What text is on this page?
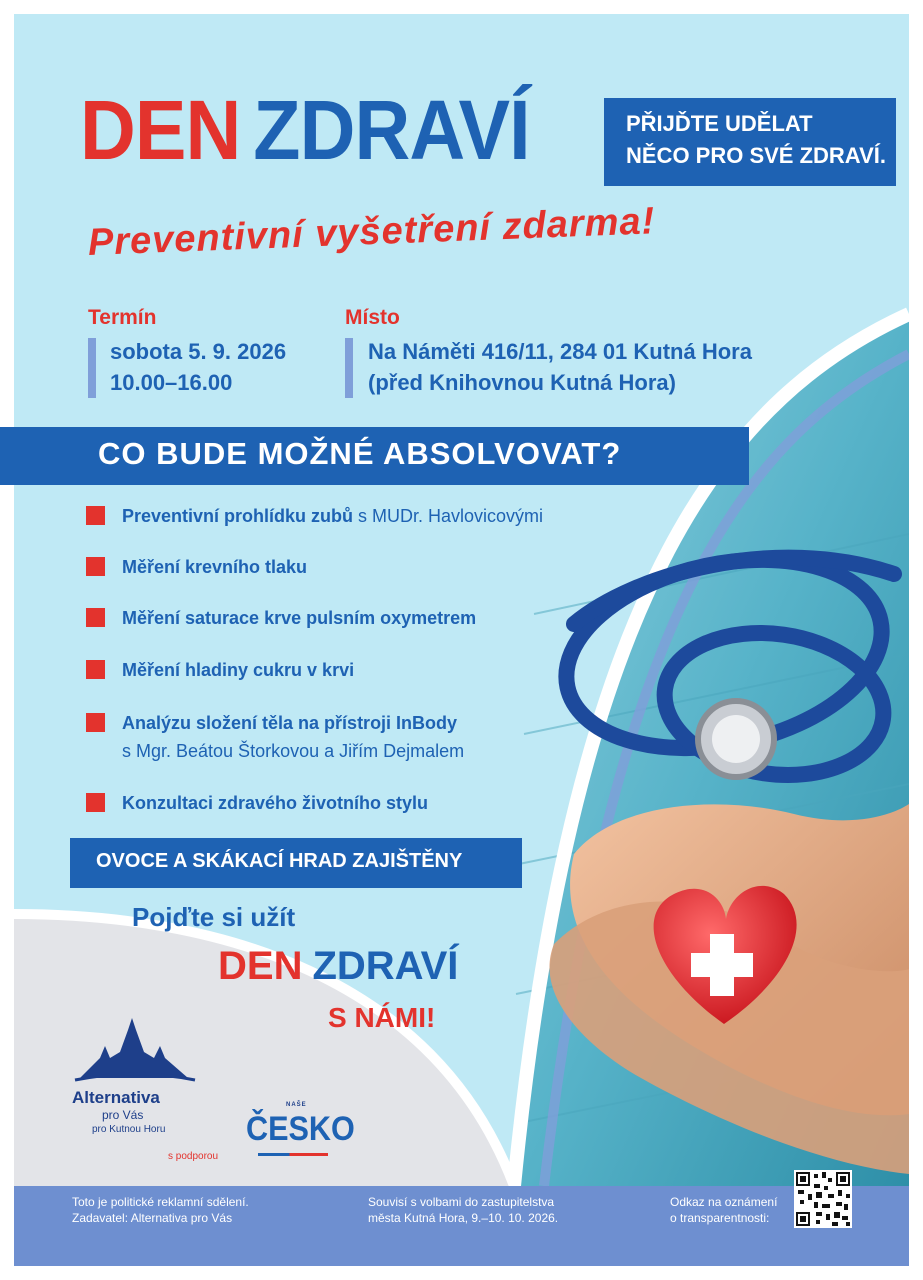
DEN ZDRAVÍ	PŘIJĎTE UDĚLAT
NĚCO PRO SVÉ ZDRAVÍ.
Preventivní vyšetření zdarma!
Termín
sobota 5. 9. 2026
10.00–16.00
Místo
Na Náměti 416/11, 284 01 Kutná Hora
(před Knihovnou Kutná Hora)
CO BUDE MOŽNÉ ABSOLVOVAT?
Preventivní prohlídku zubů s MUDr. Havlovicovými
Měření krevního tlaku
Měření saturace krve pulsním oxymetrem
Měření hladiny cukru v krvi
Analýzu složení těla na přístroji InBody
s Mgr. Beátou Štorkovou a Jiřím Dejmalem
Konzultaci zdravého životního stylu
OVOCE A SKÁKACÍ HRAD ZAJIŠTĚNY
Pojďte si užít
DEN ZDRAVÍ
S NÁMI!
Alternativa
pro Vás
pro Kutnou Horu
s podporou
NAŠE
ČESKO
Toto je politické reklamní sdělení.
Zadavatel: Alternativa pro Vás
Souvisí s volbami do zastupitelstva
města Kutná Hora, 9.–10. 10. 2026.
Odkaz na oznámení
o transparentnosti:
